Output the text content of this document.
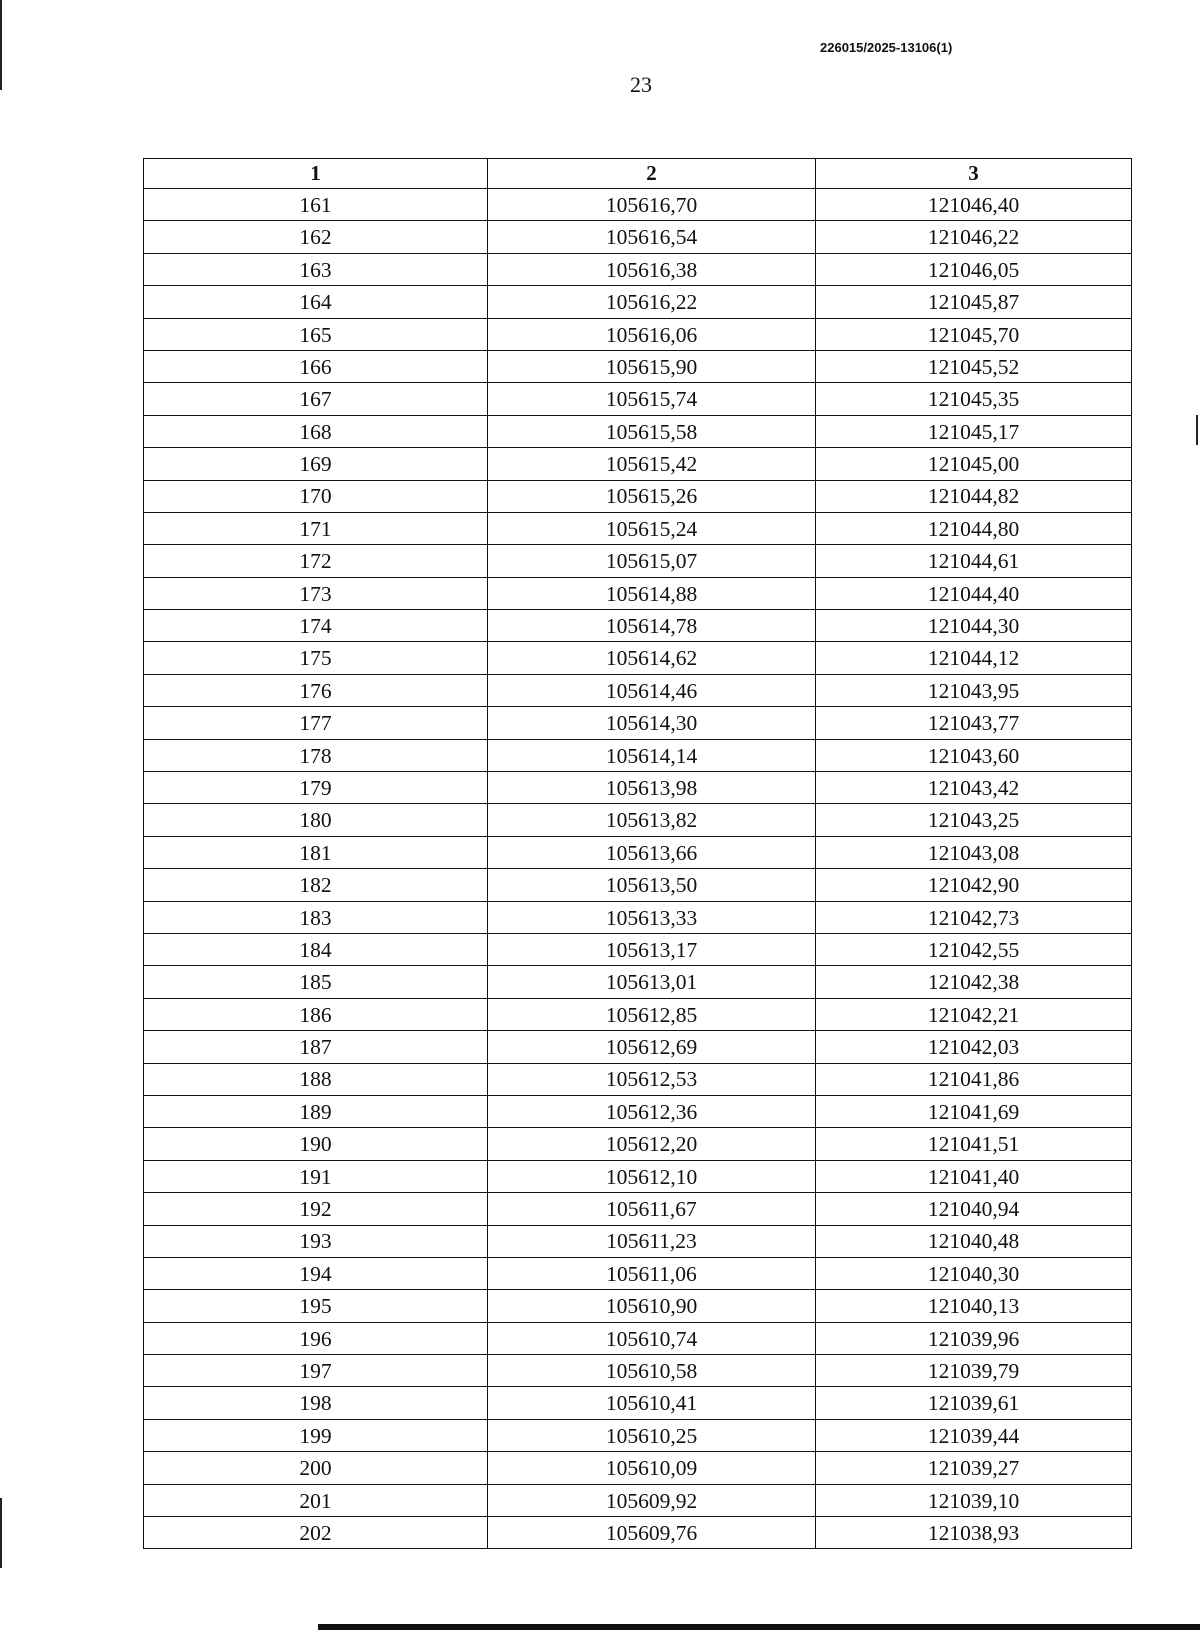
226015/2025-13106(1)
23
1	2	3
161	105616,70	121046,40
162	105616,54	121046,22
163	105616,38	121046,05
164	105616,22	121045,87
165	105616,06	121045,70
166	105615,90	121045,52
167	105615,74	121045,35
168	105615,58	121045,17
169	105615,42	121045,00
170	105615,26	121044,82
171	105615,24	121044,80
172	105615,07	121044,61
173	105614,88	121044,40
174	105614,78	121044,30
175	105614,62	121044,12
176	105614,46	121043,95
177	105614,30	121043,77
178	105614,14	121043,60
179	105613,98	121043,42
180	105613,82	121043,25
181	105613,66	121043,08
182	105613,50	121042,90
183	105613,33	121042,73
184	105613,17	121042,55
185	105613,01	121042,38
186	105612,85	121042,21
187	105612,69	121042,03
188	105612,53	121041,86
189	105612,36	121041,69
190	105612,20	121041,51
191	105612,10	121041,40
192	105611,67	121040,94
193	105611,23	121040,48
194	105611,06	121040,30
195	105610,90	121040,13
196	105610,74	121039,96
197	105610,58	121039,79
198	105610,41	121039,61
199	105610,25	121039,44
200	105610,09	121039,27
201	105609,92	121039,10
202	105609,76	121038,93
